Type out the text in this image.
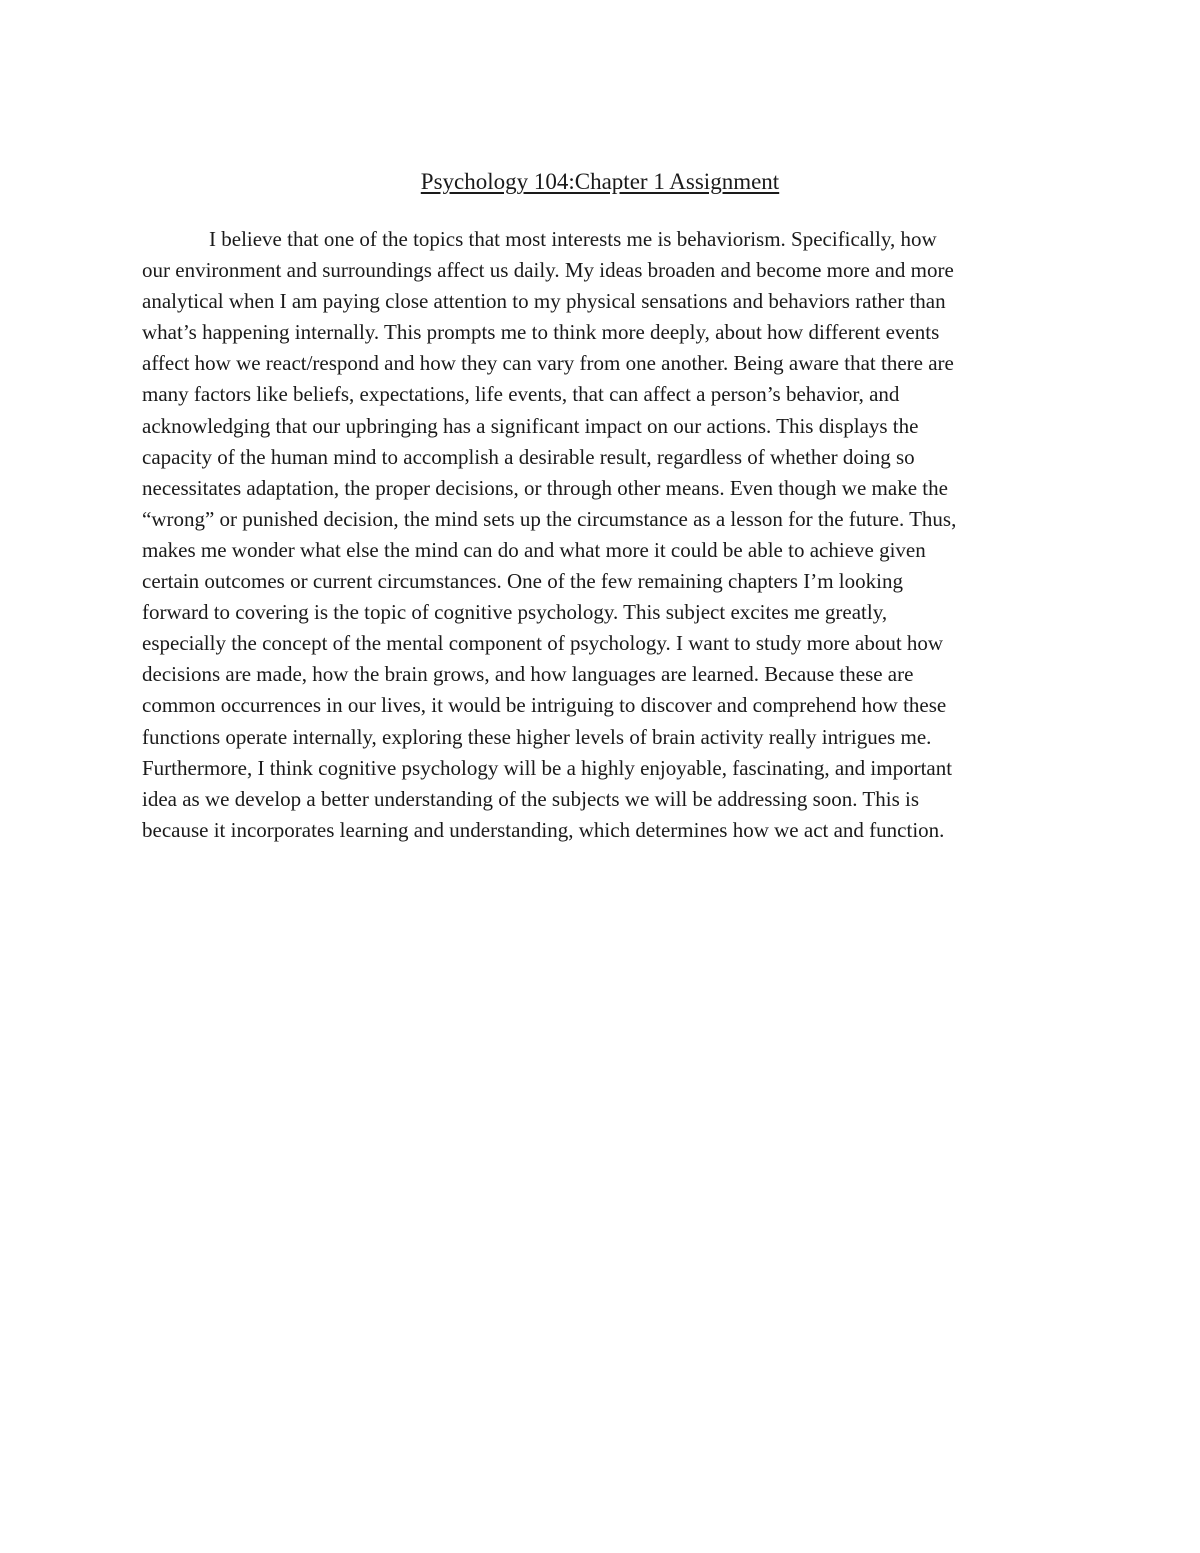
Psychology 104:Chapter 1 Assignment

I believe that one of the topics that most interests me is behaviorism. Specifically, how
our environment and surroundings affect us daily. My ideas broaden and become more and more
analytical when I am paying close attention to my physical sensations and behaviors rather than
what’s happening internally. This prompts me to think more deeply, about how different events
affect how we react/respond and how they can vary from one another. Being aware that there are
many factors like beliefs, expectations, life events, that can affect a person’s behavior, and
acknowledging that our upbringing has a significant impact on our actions. This displays the
capacity of the human mind to accomplish a desirable result, regardless of whether doing so
necessitates adaptation, the proper decisions, or through other means. Even though we make the
“wrong” or punished decision, the mind sets up the circumstance as a lesson for the future. Thus,
makes me wonder what else the mind can do and what more it could be able to achieve given
certain outcomes or current circumstances. One of the few remaining chapters I’m looking
forward to covering is the topic of cognitive psychology. This subject excites me greatly,
especially the concept of the mental component of psychology. I want to study more about how
decisions are made, how the brain grows, and how languages are learned. Because these are
common occurrences in our lives, it would be intriguing to discover and comprehend how these
functions operate internally, exploring these higher levels of brain activity really intrigues me.
Furthermore, I think cognitive psychology will be a highly enjoyable, fascinating, and important
idea as we develop a better understanding of the subjects we will be addressing soon. This is
because it incorporates learning and understanding, which determines how we act and function.
